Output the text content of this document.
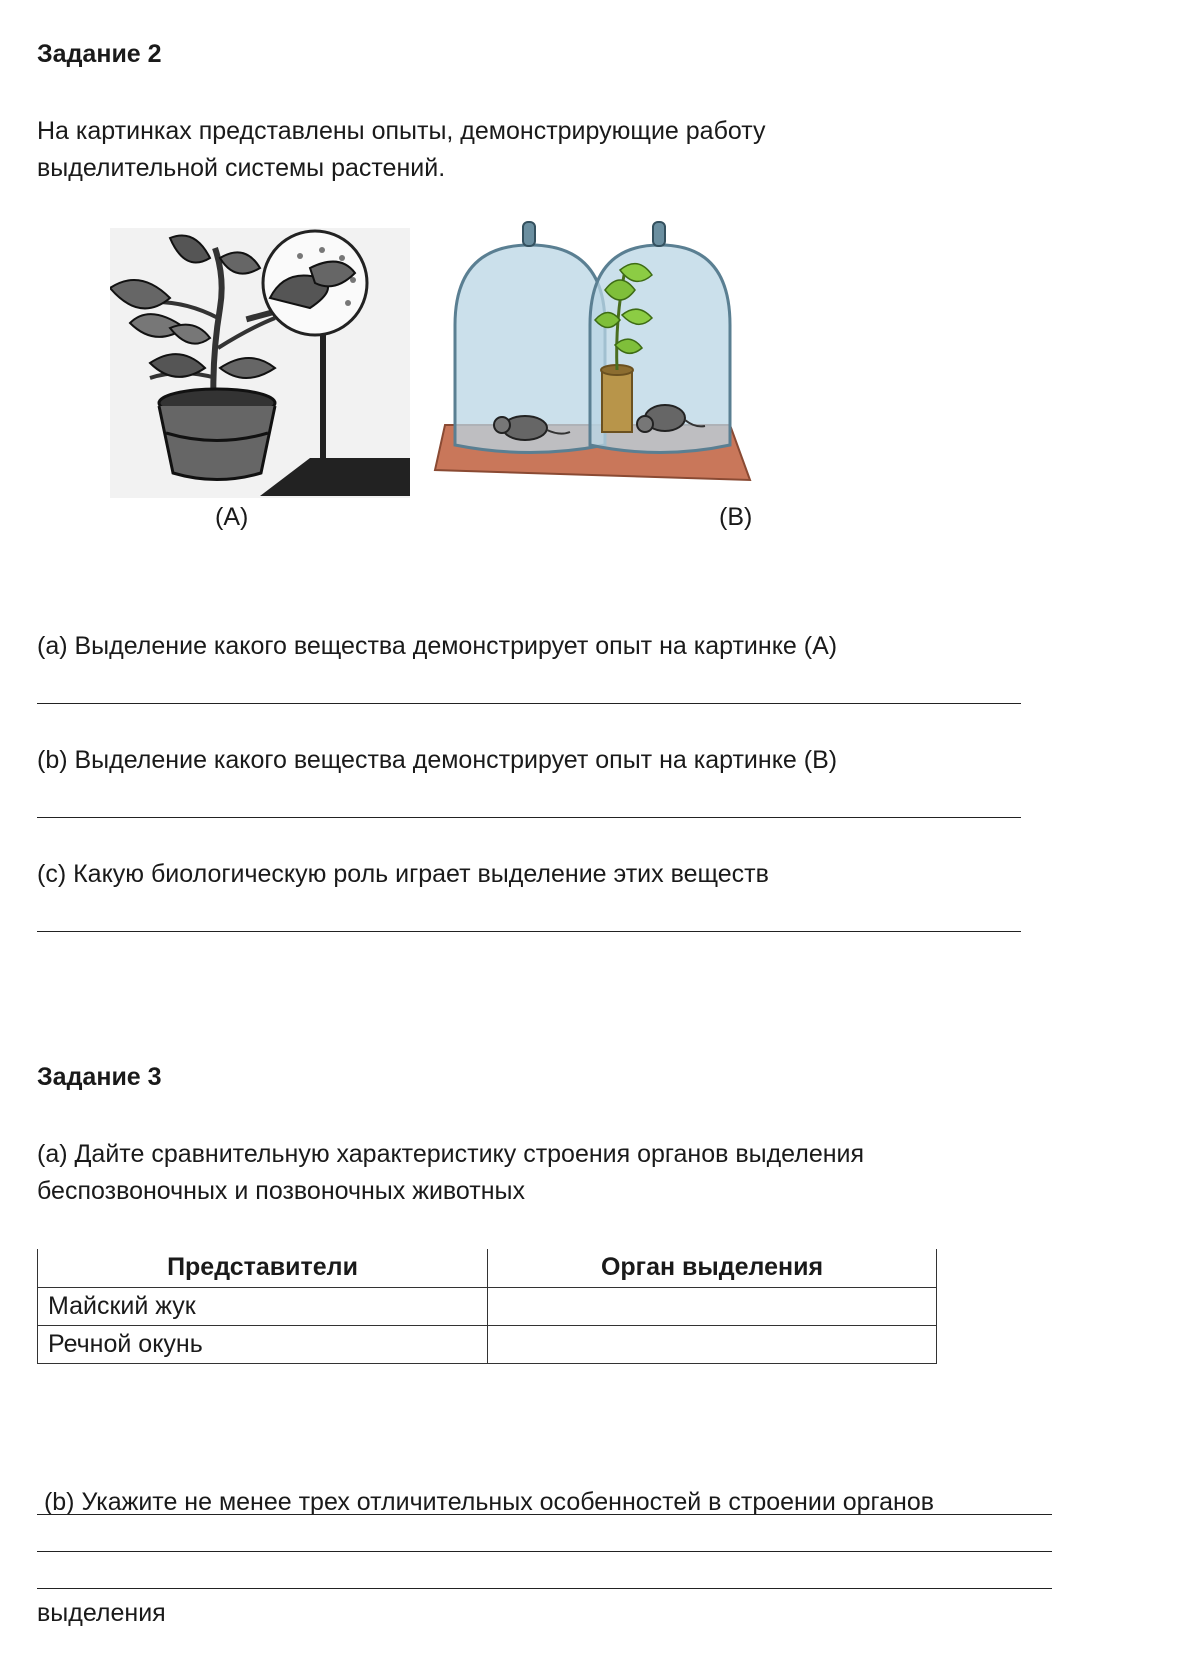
Задание 2
На картинках представлены опыты, демонстрирующие работу
выделительной системы растений.
(A)	(B)
(a) Выделение какого вещества демонстрирует опыт на картинке (A)
(b) Выделение какого вещества демонстрирует опыт на картинке (B)
(c) Какую биологическую роль играет выделение этих веществ
Задание 3
(a) Дайте сравнительную характеристику строения органов выделения
беспозвоночных и позвоночных животных
Представители	Орган выделения
Майский жук	
Речной окунь	

(b) Укажите не менее трех отличительных особенностей в строении органов

выделения
